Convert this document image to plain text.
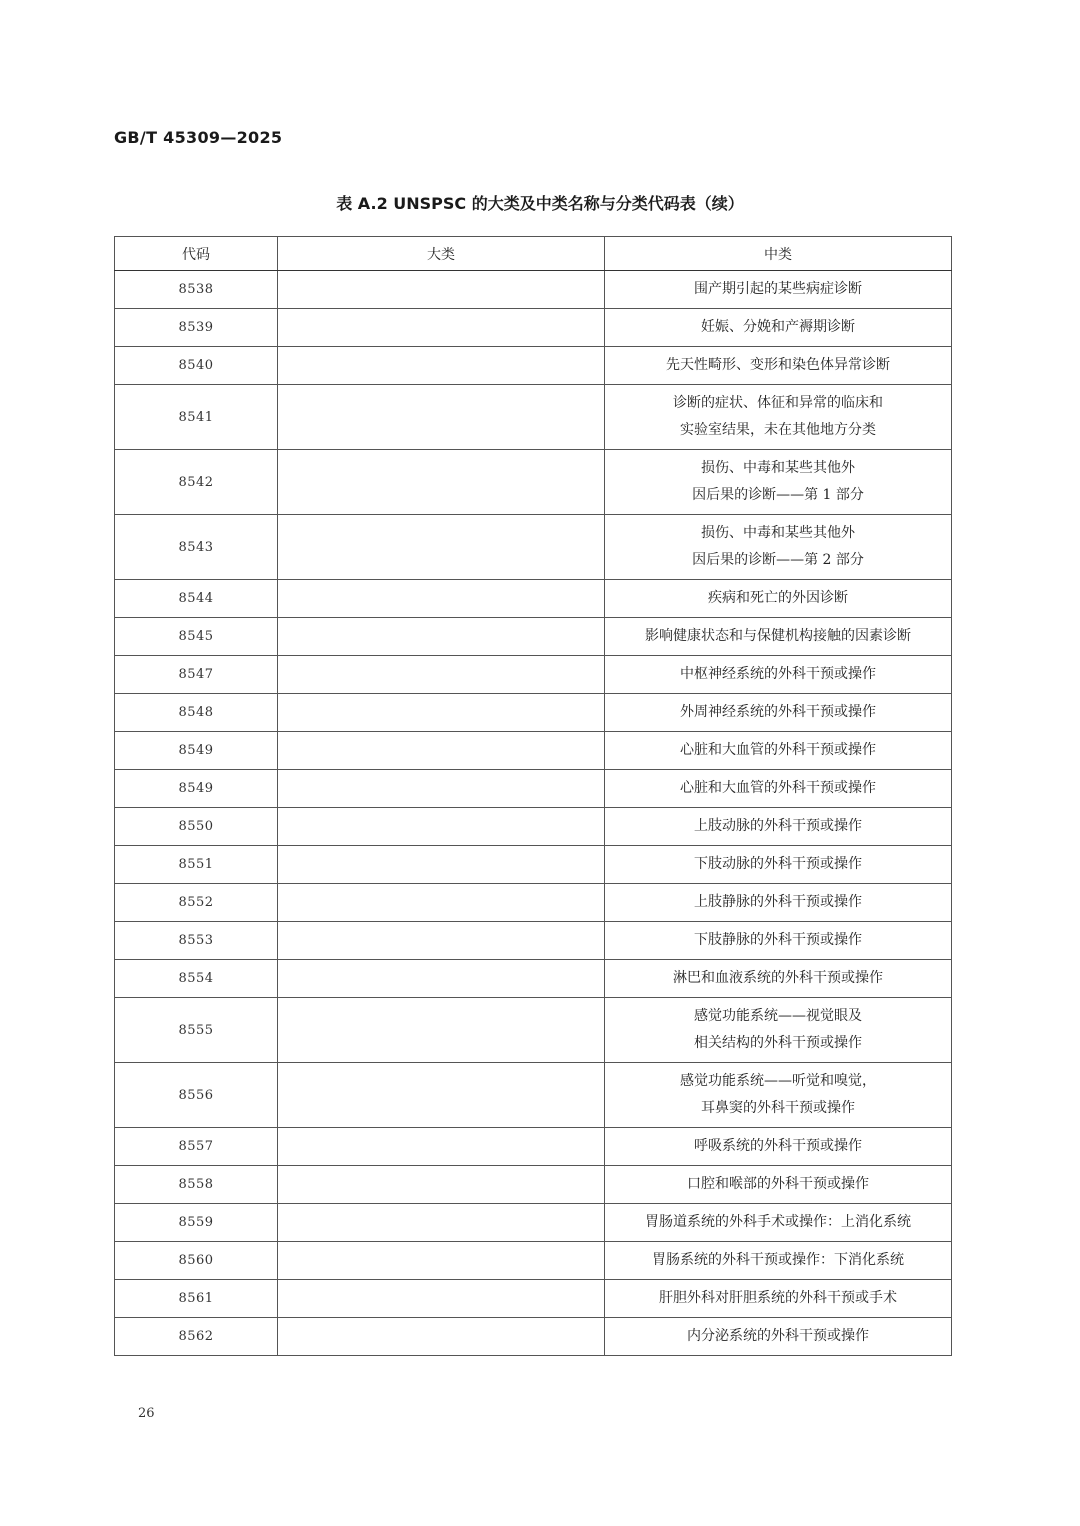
GB/T 45309—2025
表 A.2 UNSPSC 的大类及中类名称与分类代码表（续）
代码	大类	中类
8538		围产期引起的某些病症诊断

8539		妊娠、分娩和产褥期诊断

8540		先天性畸形、变形和染色体异常诊断

8541		诊断的症状、体征和异常的临床和
实验室结果，未在其他地方分类

8542		损伤、中毒和某些其他外
因后果的诊断——第 1 部分

8543		损伤、中毒和某些其他外
因后果的诊断——第 2 部分

8544		疾病和死亡的外因诊断

8545		影响健康状态和与保健机构接触的因素诊断

8547		中枢神经系统的外科干预或操作

8548		外周神经系统的外科干预或操作

8549		心脏和大血管的外科干预或操作

8549		心脏和大血管的外科干预或操作

8550		上肢动脉的外科干预或操作

8551		下肢动脉的外科干预或操作

8552		上肢静脉的外科干预或操作

8553		下肢静脉的外科干预或操作

8554		淋巴和血液系统的外科干预或操作

8555		感觉功能系统——视觉眼及
相关结构的外科干预或操作

8556		感觉功能系统——听觉和嗅觉，
耳鼻窦的外科干预或操作

8557		呼吸系统的外科干预或操作

8558		口腔和喉部的外科干预或操作

8559		胃肠道系统的外科手术或操作：上消化系统

8560		胃肠系统的外科干预或操作：下消化系统

8561		肝胆外科对肝胆系统的外科干预或手术

8562		内分泌系统的外科干预或操作
26
